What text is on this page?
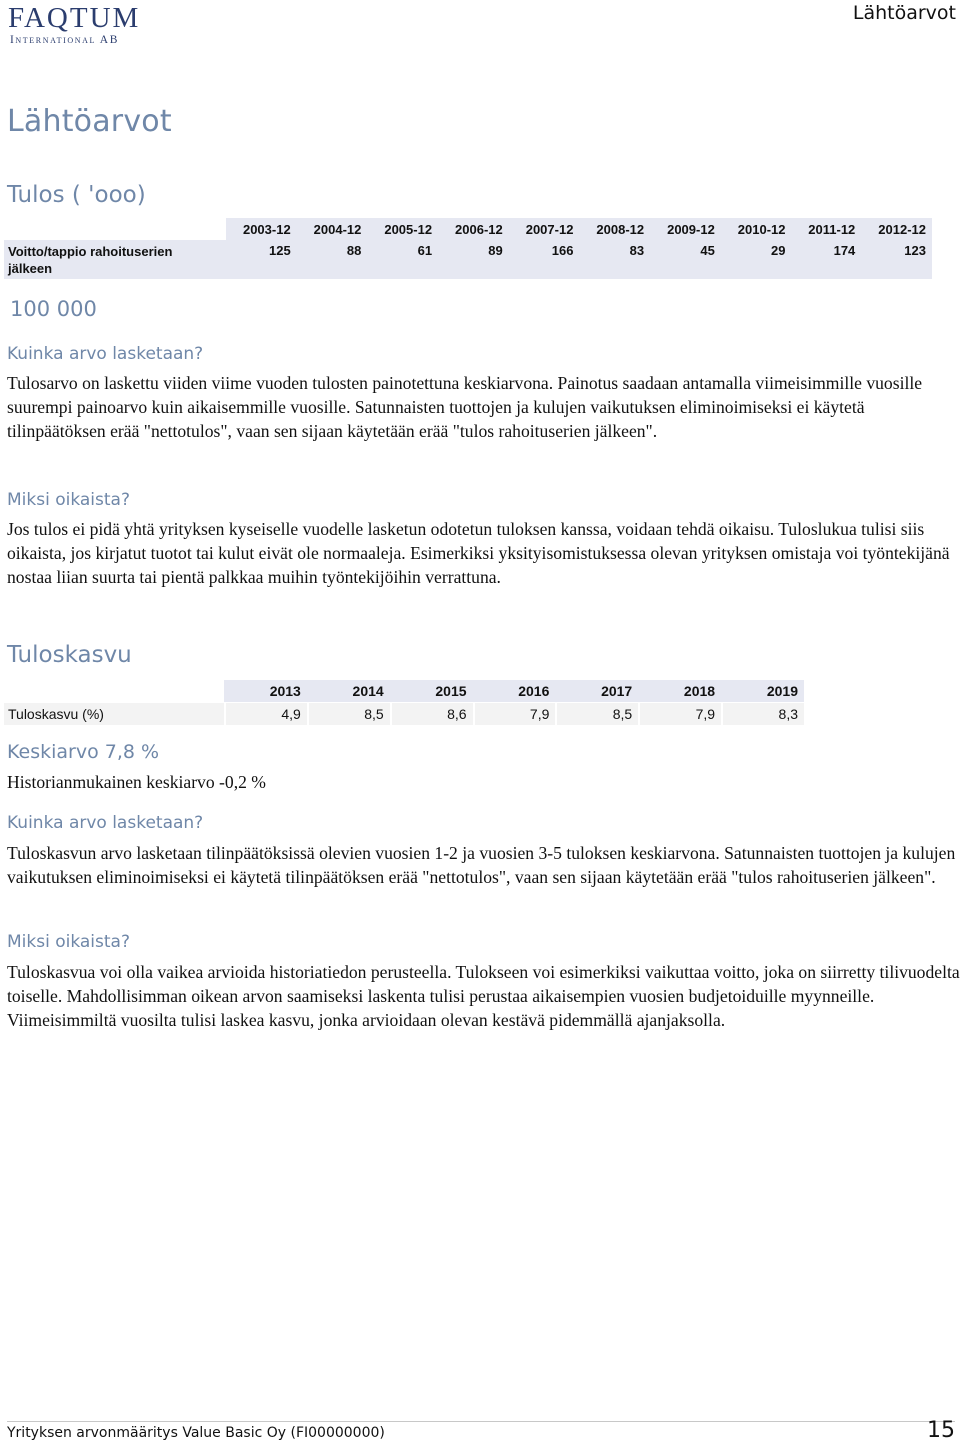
FAQTUM
International AB
Lähtöarvot
Lähtöarvot
Tulos ( 'ooo)
	2003-12	2004-12	2005-12	2006-12	2007-12	2008-12	2009-12	2010-12	2011-12	2012-12
Voitto/tappio rahoituserien jälkeen	125	88	61	89	166	83	45	29	174	123
100 000
Kuinka arvo lasketaan?
Tulosarvo on laskettu viiden viime vuoden tulosten painotettuna keskiarvona. Painotus saadaan antamalla viimeisimmille vuosille suurempi painoarvo kuin aikaisemmille vuosille. Satunnaisten tuottojen ja kulujen vaikutuksen eliminoimiseksi ei käytetä tilinpäätöksen erää "nettotulos", vaan sen sijaan käytetään erää "tulos rahoituserien jälkeen".
Miksi oikaista?
Jos tulos ei pidä yhtä yrityksen kyseiselle vuodelle lasketun odotetun tuloksen kanssa, voidaan tehdä oikaisu. Tuloslukua tulisi siis oikaista, jos kirjatut tuotot tai kulut eivät ole normaaleja. Esimerkiksi yksityisomistuksessa olevan yrityksen omistaja voi työntekijänä nostaa liian suurta tai pientä palkkaa muihin työntekijöihin verrattuna.
Tuloskasvu
	2013	2014	2015	2016	2017	2018	2019
Tuloskasvu (%)	4,9	8,5	8,6	7,9	8,5	7,9	8,3
Keskiarvo 7,8 %
Historianmukainen keskiarvo -0,2 %
Kuinka arvo lasketaan?
Tuloskasvun arvo lasketaan tilinpäätöksissä olevien vuosien 1-2 ja vuosien 3-5 tuloksen keskiarvona. Satunnaisten tuottojen ja kulujen vaikutuksen eliminoimiseksi ei käytetä tilinpäätöksen erää "nettotulos", vaan sen sijaan käytetään erää "tulos rahoituserien jälkeen".
Miksi oikaista?
Tuloskasvua voi olla vaikea arvioida historiatiedon perusteella. Tulokseen voi esimerkiksi vaikuttaa voitto, joka on siirretty tilivuodelta toiselle. Mahdollisimman oikean arvon saamiseksi laskenta tulisi perustaa aikaisempien vuosien budjetoiduille myynneille. Viimeisimmiltä vuosilta tulisi laskea kasvu, jonka arvioidaan olevan kestävä pidemmällä ajanjaksolla.
Yrityksen arvonmääritys Value Basic Oy (FI00000000)	15
